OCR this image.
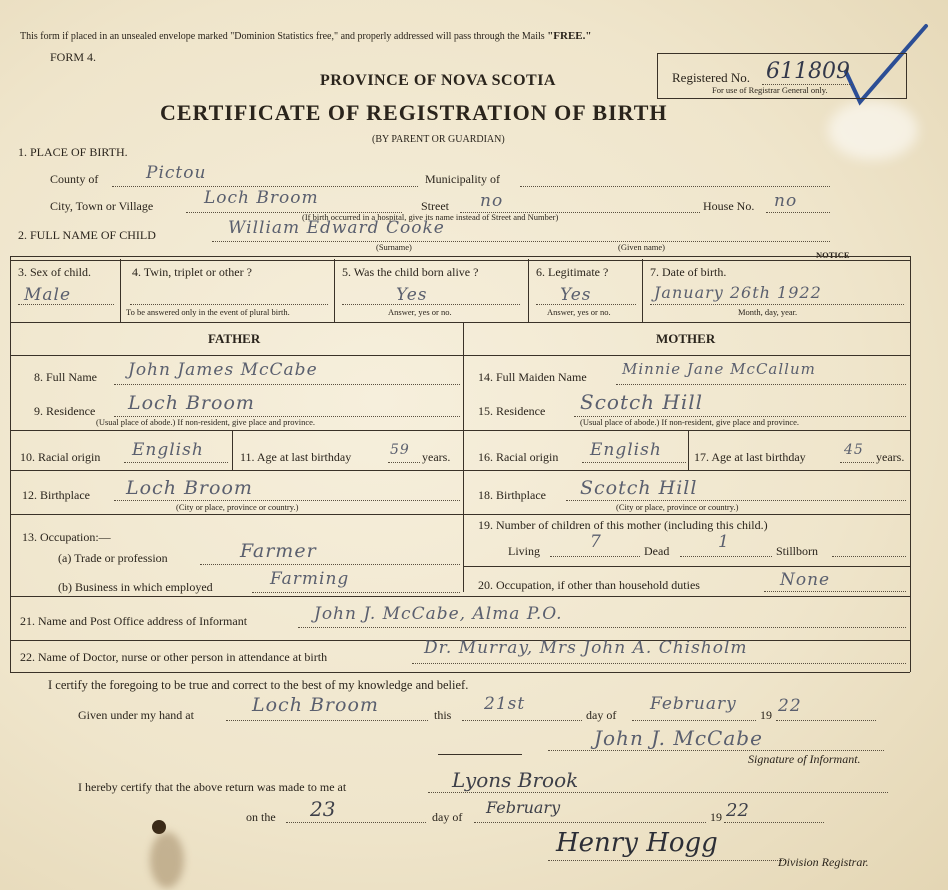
This form if placed in an unsealed envelope marked "Dominion Statistics free," and properly addressed will pass through the Mails "FREE."
FORM 4.
PROVINCE OF NOVA SCOTIA
CERTIFICATE OF REGISTRATION OF BIRTH
(BY PARENT OR GUARDIAN)
Registered No. 611809
For use of Registrar General only.
1. PLACE OF BIRTH.
County of	Pictou	Municipality of
City, Town or Village	Loch Broom	Street no	House No. no
(If birth occurred in a hospital, give its name instead of Street and Number)
2. FULL NAME OF CHILD	William Edward Cooke
(Surname)	(Given name)
NOTICE
3. Sex of child.
Male
4. Twin, triplet or other ?
To be answered only in the event of plural birth.
5. Was the child born alive ?
Yes
Answer, yes or no.
6. Legitimate ?
Yes
Answer, yes or no.
7. Date of birth.
January 26th 1922
Month, day, year.
FATHER	MOTHER
8. Full Name John James McCabe
9. Residence Loch Broom
(Usual place of abode.) If non-resident, give place and province.
10. Racial origin English	11. Age at last birthday	59 years.
12. Birthplace Loch Broom
(City or place, province or country.)
13. Occupation:—
(a) Trade or profession	Farmer
(b) Business in which employed	Farming
14. Full Maiden Name Minnie Jane McCallum
15. Residence Scotch Hill
(Usual place of abode.) If non-resident, give place and province.
16. Racial origin English	17. Age at last birthday	45 years.
18. Birthplace Scotch Hill
(City or place, province or country.)
19. Number of children of this mother (including this child.)
Living	7	Dead	1	Stillborn
20. Occupation, if other than household duties	None
21. Name and Post Office address of Informant	John J. McCabe, Alma P.O.
22. Name of Doctor, nurse or other person in attendance at birth	Dr. Murray, Mrs John A. Chisholm
I certify the foregoing to be true and correct to the best of my knowledge and belief.
Given under my hand at	Loch Broom	this
21st
day of
February
19 22
John J. McCabe
Signature of Informant.
I hereby certify that the above return was made to me at	Lyons Brook
on the 23	day of February	19 22
Henry Hogg
Division Registrar.
